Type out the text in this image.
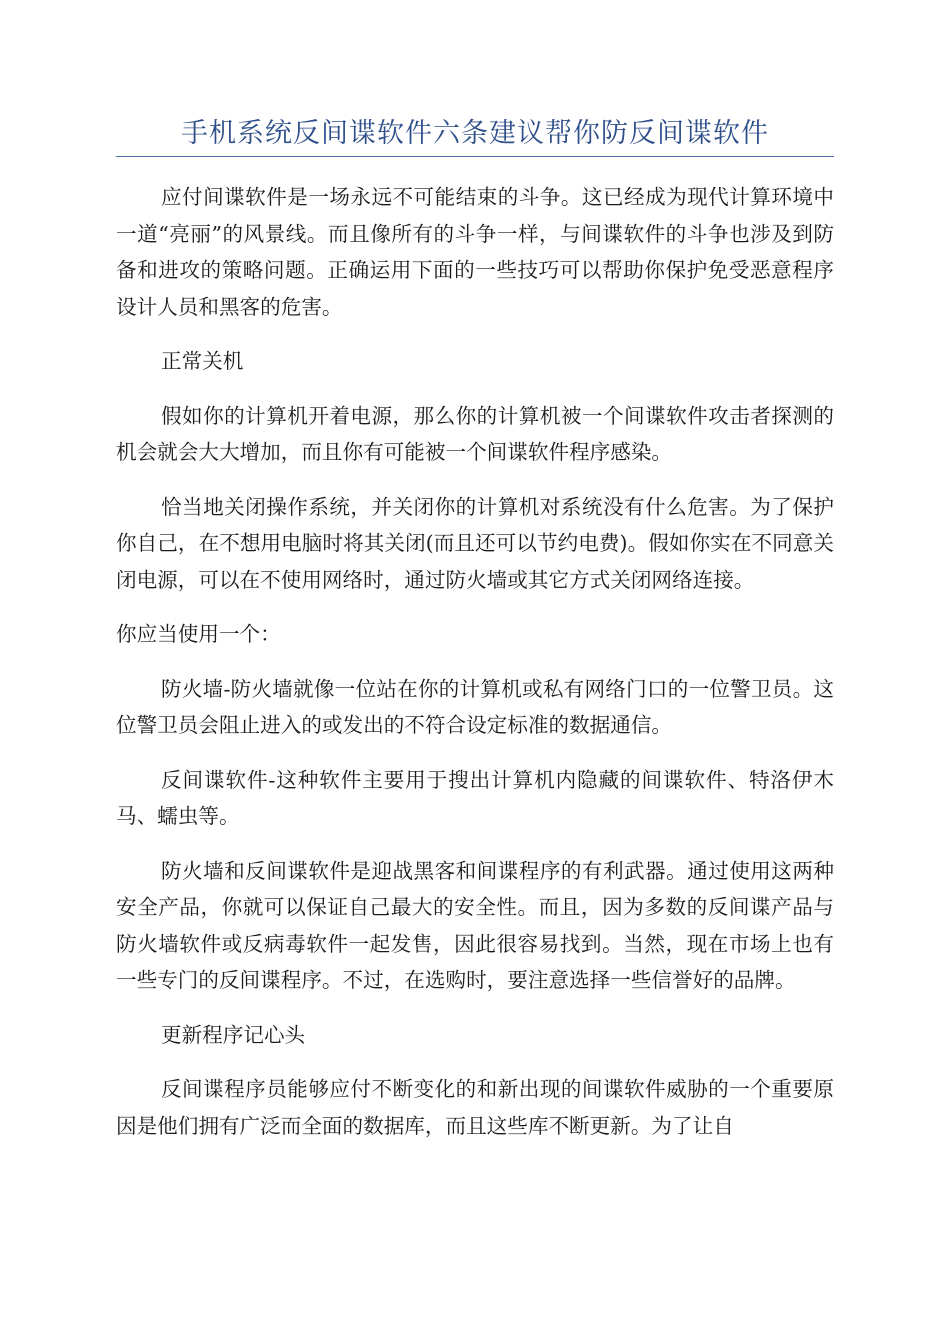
手机系统反间谍软件六条建议帮你防反间谍软件

应付间谍软件是一场永远不可能结束的斗争。这已经成为现代计算环境中一道“亮丽”的风景线。而且像所有的斗争一样，与间谍软件的斗争也涉及到防备和进攻的策略问题。正确运用下面的一些技巧可以帮助你保护免受恶意程序设计人员和黑客的危害。

正常关机

假如你的计算机开着电源，那么你的计算机被一个间谍软件攻击者探测的机会就会大大增加，而且你有可能被一个间谍软件程序感染。

恰当地关闭操作系统，并关闭你的计算机对系统没有什么危害。为了保护你自己，在不想用电脑时将其关闭(而且还可以节约电费)。假如你实在不同意关闭电源，可以在不使用网络时，通过防火墙或其它方式关闭网络连接。

你应当使用一个：

防火墙-防火墙就像一位站在你的计算机或私有网络门口的一位警卫员。这位警卫员会阻止进入的或发出的不符合设定标准的数据通信。

反间谍软件-这种软件主要用于搜出计算机内隐藏的间谍软件、特洛伊木马、蠕虫等。

防火墙和反间谍软件是迎战黑客和间谍程序的有利武器。通过使用这两种安全产品，你就可以保证自己最大的安全性。而且，因为多数的反间谍产品与防火墙软件或反病毒软件一起发售，因此很容易找到。当然，现在市场上也有一些专门的反间谍程序。不过，在选购时，要注意选择一些信誉好的品牌。

更新程序记心头

反间谍程序员能够应付不断变化的和新出现的间谍软件威胁的一个重要原因是他们拥有广泛而全面的数据库，而且这些库不断更新。为了让自
